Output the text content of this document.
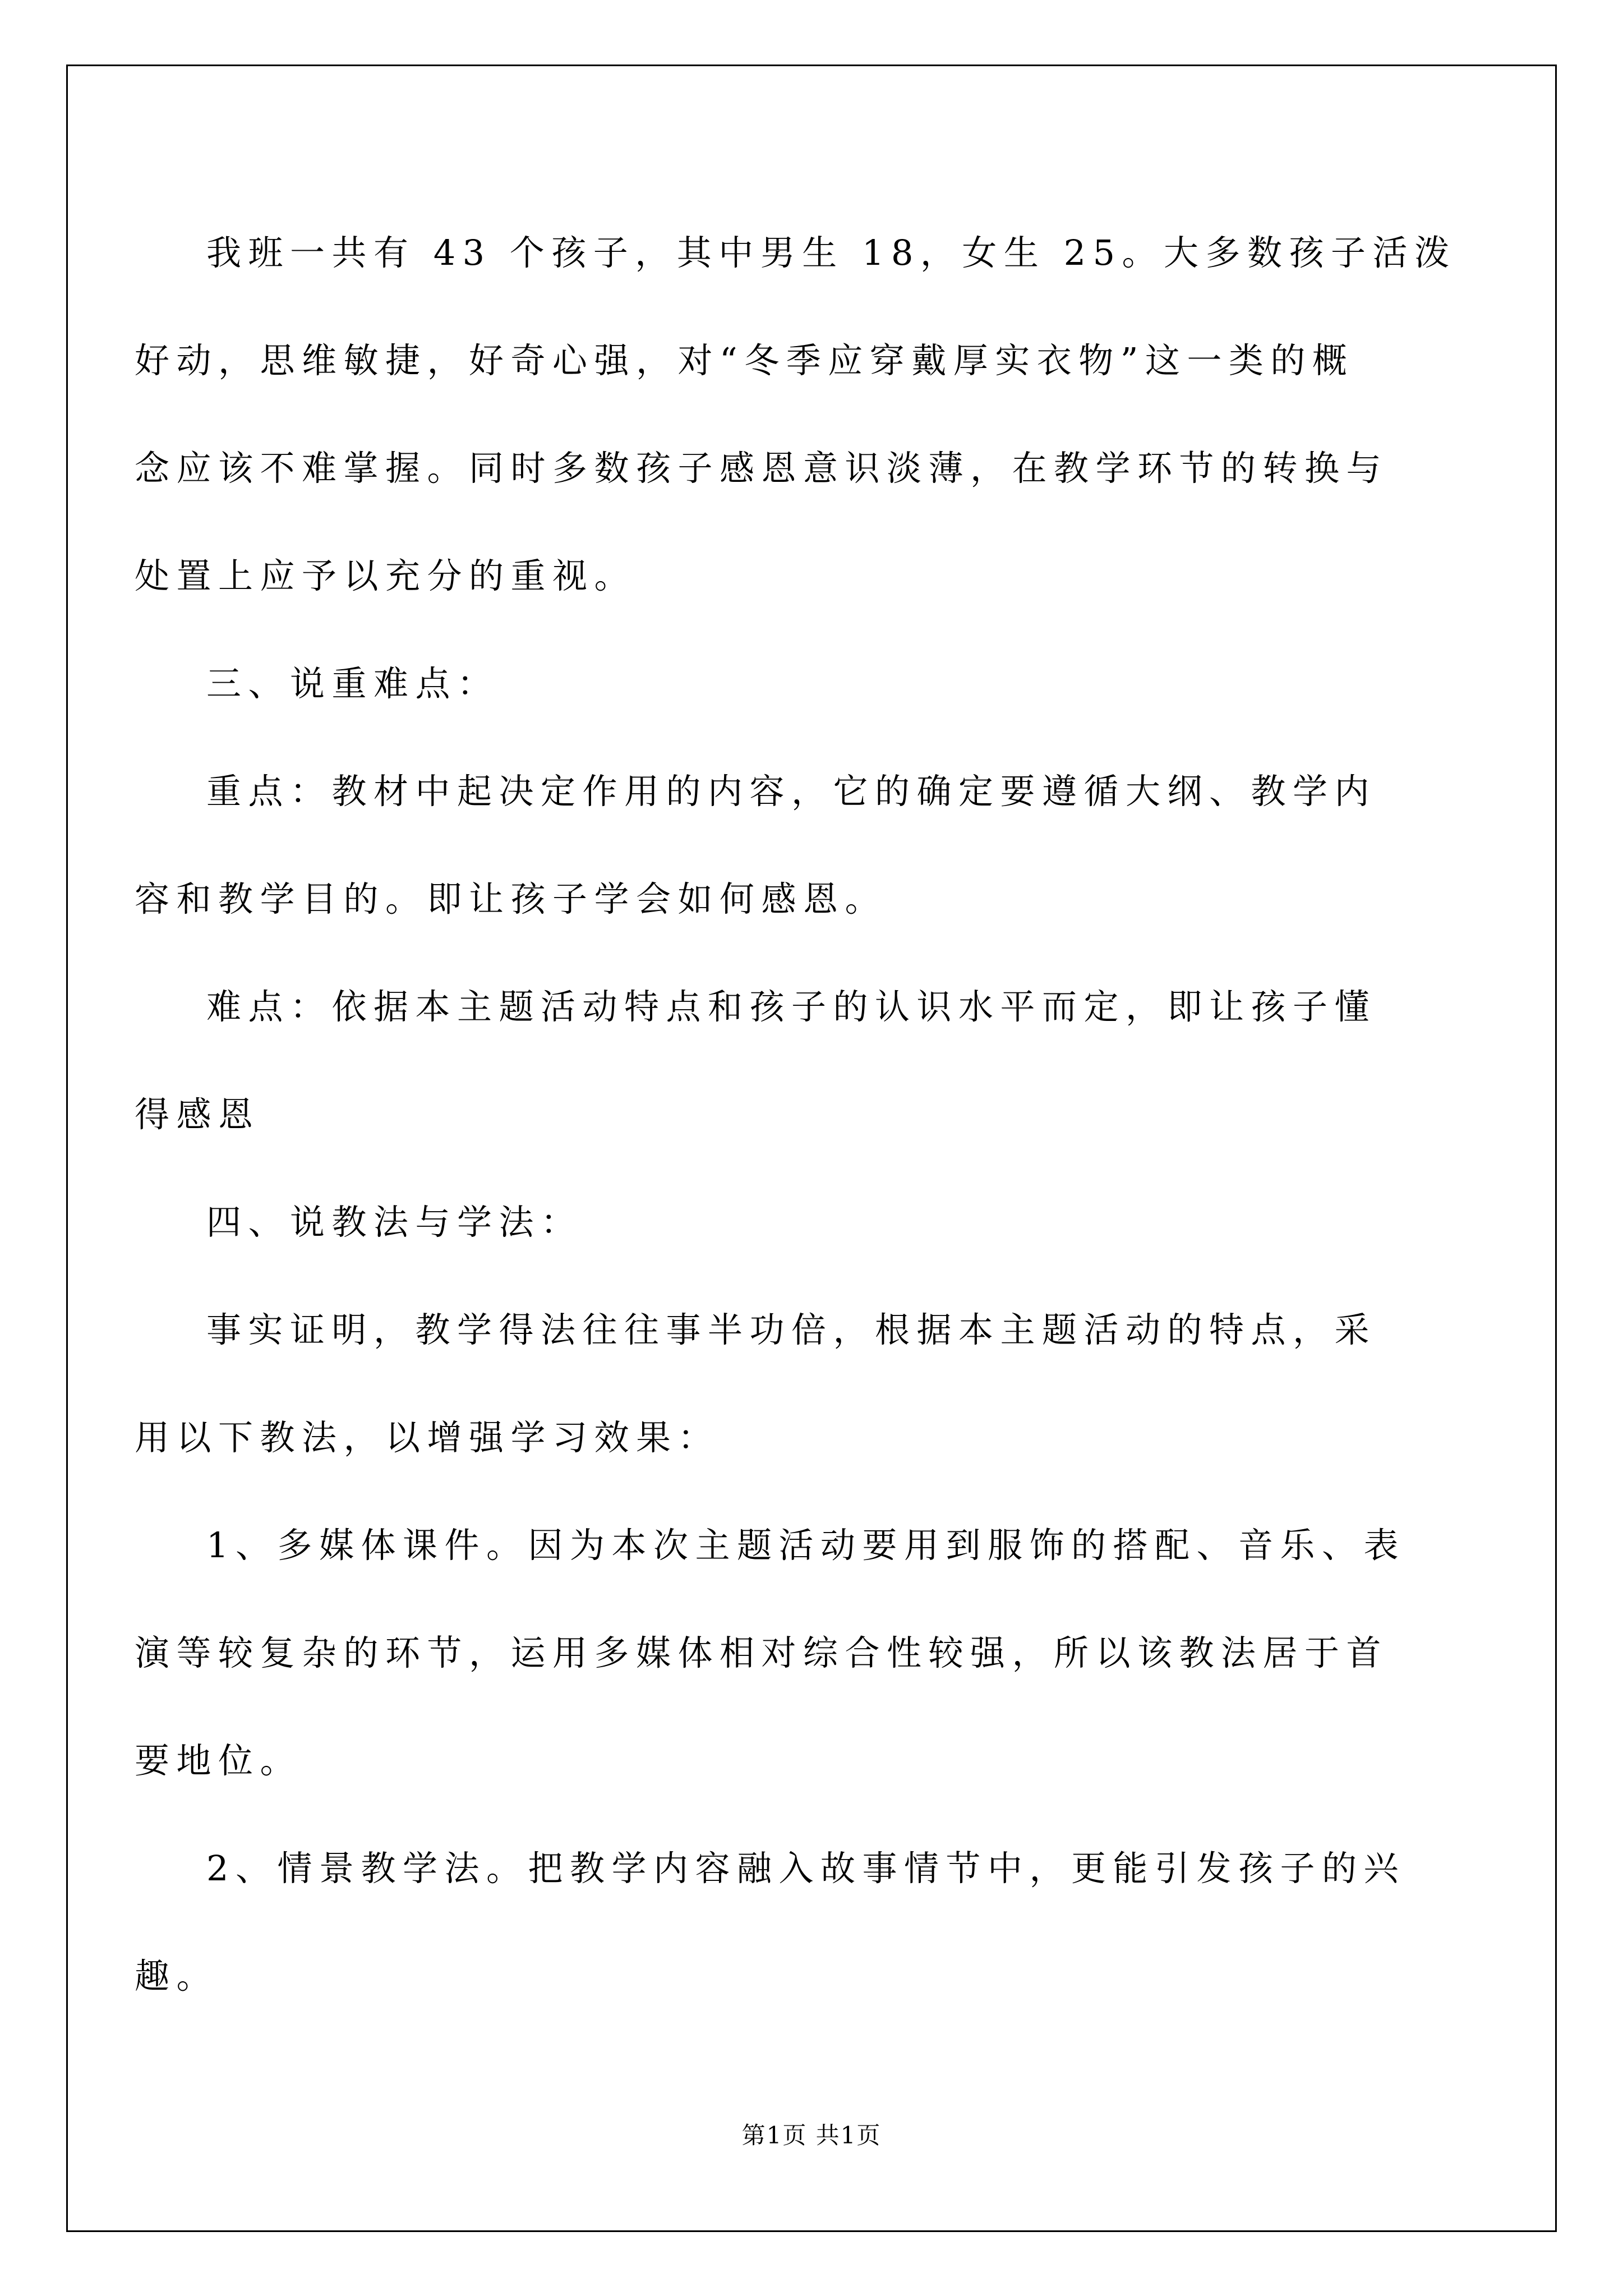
我班一共有 43 个孩子，其中男生 18，女生 25。大多数孩子活泼
好动，思维敏捷，好奇心强，对“冬季应穿戴厚实衣物”这一类的概
念应该不难掌握。同时多数孩子感恩意识淡薄，在教学环节的转换与
处置上应予以充分的重视。
三、说重难点：
重点：教材中起决定作用的内容，它的确定要遵循大纲、教学内
容和教学目的。即让孩子学会如何感恩。
难点：依据本主题活动特点和孩子的认识水平而定，即让孩子懂
得感恩
四、说教法与学法：
事实证明，教学得法往往事半功倍，根据本主题活动的特点，采
用以下教法，以增强学习效果：
1、多媒体课件。因为本次主题活动要用到服饰的搭配、音乐、表
演等较复杂的环节，运用多媒体相对综合性较强，所以该教法居于首
要地位。
2、情景教学法。把教学内容融入故事情节中，更能引发孩子的兴
趣。
第1页 共1页
